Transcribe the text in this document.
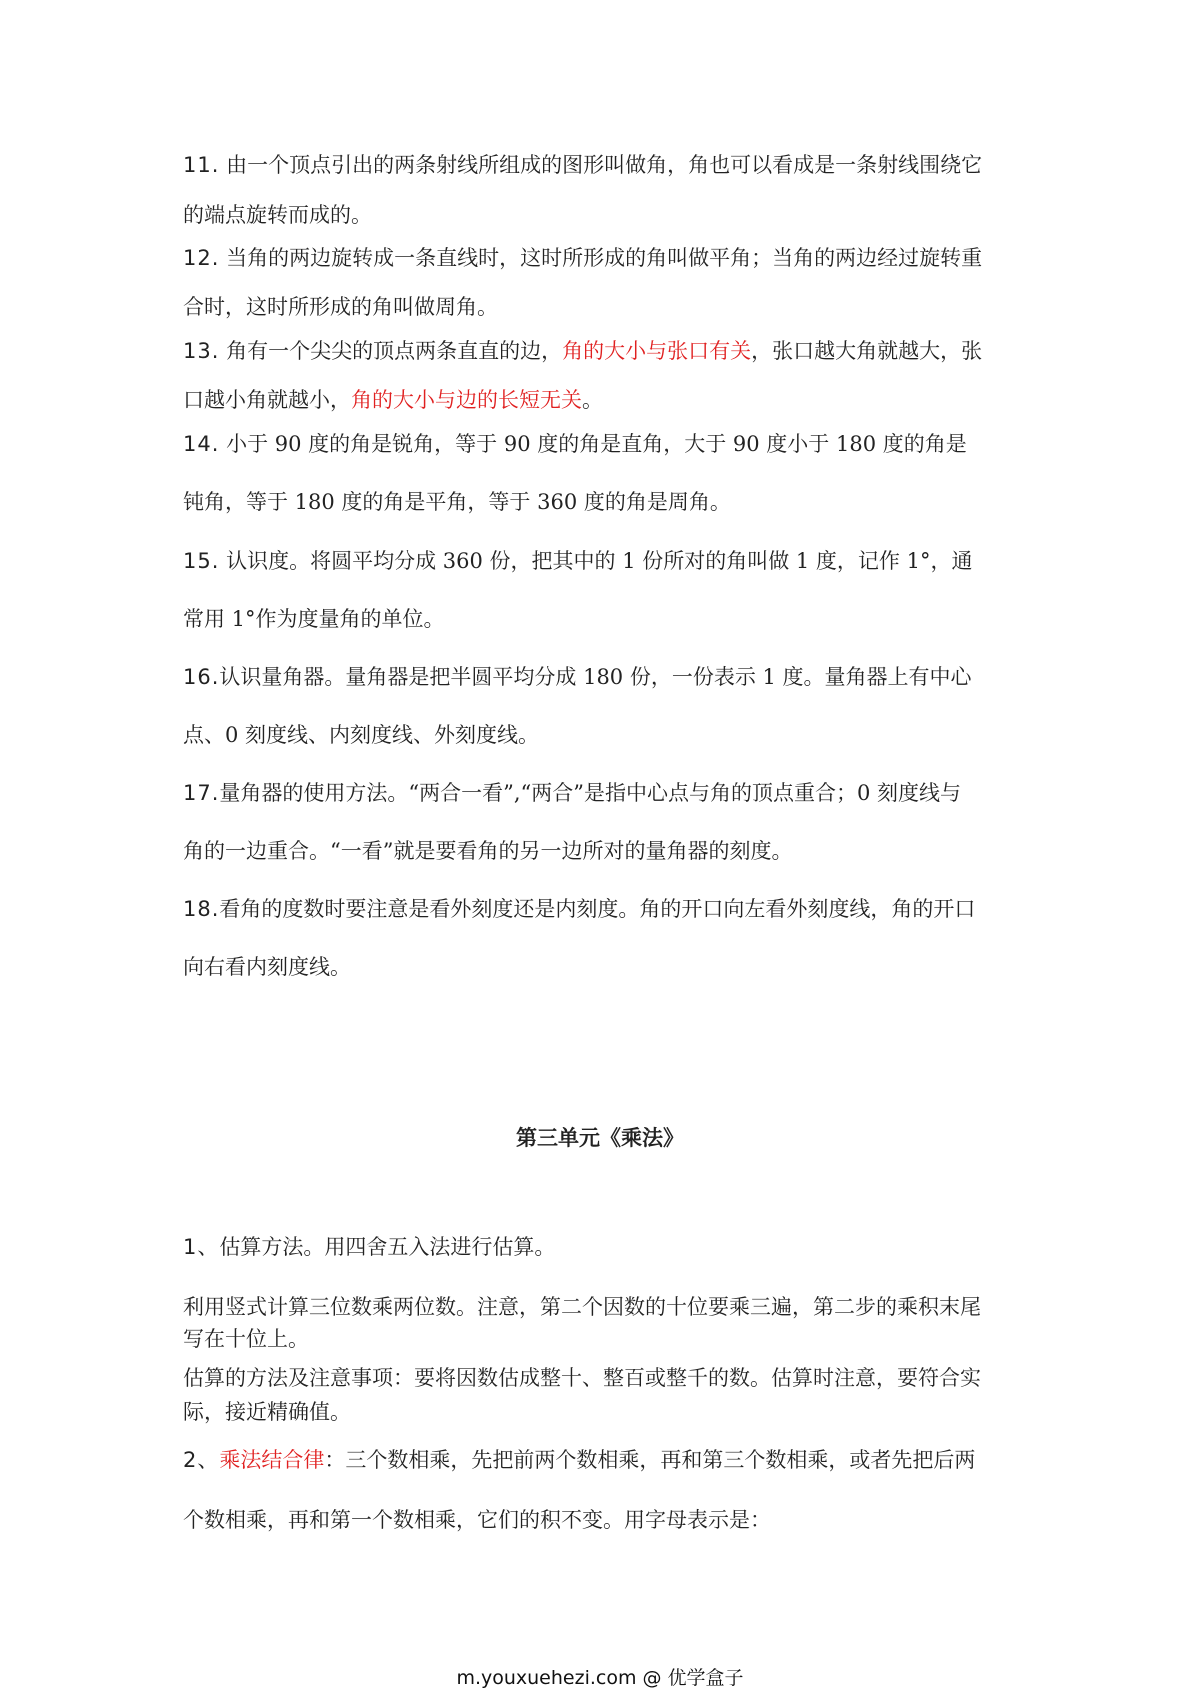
11. 由一个顶点引出的两条射线所组成的图形叫做角，角也可以看成是一条射线围绕它
的端点旋转而成的。
12. 当角的两边旋转成一条直线时，这时所形成的角叫做平角；当角的两边经过旋转重
合时，这时所形成的角叫做周角。
13. 角有一个尖尖的顶点两条直直的边，角的大小与张口有关，张口越大角就越大，张
口越小角就越小，角的大小与边的长短无关。
14. 小于 90 度的角是锐角，等于 90 度的角是直角，大于 90 度小于 180 度的角是
钝角，等于 180 度的角是平角，等于 360 度的角是周角。
15. 认识度。将圆平均分成 360 份，把其中的 1 份所对的角叫做 1 度，记作 1°，通
常用 1°作为度量角的单位。
16.认识量角器。量角器是把半圆平均分成 180 份，一份表示 1 度。量角器上有中心
点、0 刻度线、内刻度线、外刻度线。
17.量角器的使用方法。“两合一看”,“两合”是指中心点与角的顶点重合；0 刻度线与
角的一边重合。“一看”就是要看角的另一边所对的量角器的刻度。
18.看角的度数时要注意是看外刻度还是内刻度。角的开口向左看外刻度线，角的开口
向右看内刻度线。
第三单元《乘法》
1、估算方法。用四舍五入法进行估算。
利用竖式计算三位数乘两位数。注意，第二个因数的十位要乘三遍，第二步的乘积末尾
写在十位上。
估算的方法及注意事项：要将因数估成整十、整百或整千的数。估算时注意，要符合实
际，接近精确值。
2、乘法结合律：三个数相乘，先把前两个数相乘，再和第三个数相乘，或者先把后两
个数相乘，再和第一个数相乘，它们的积不变。用字母表示是：
m.youxuehezi.com @ 优学盒子
